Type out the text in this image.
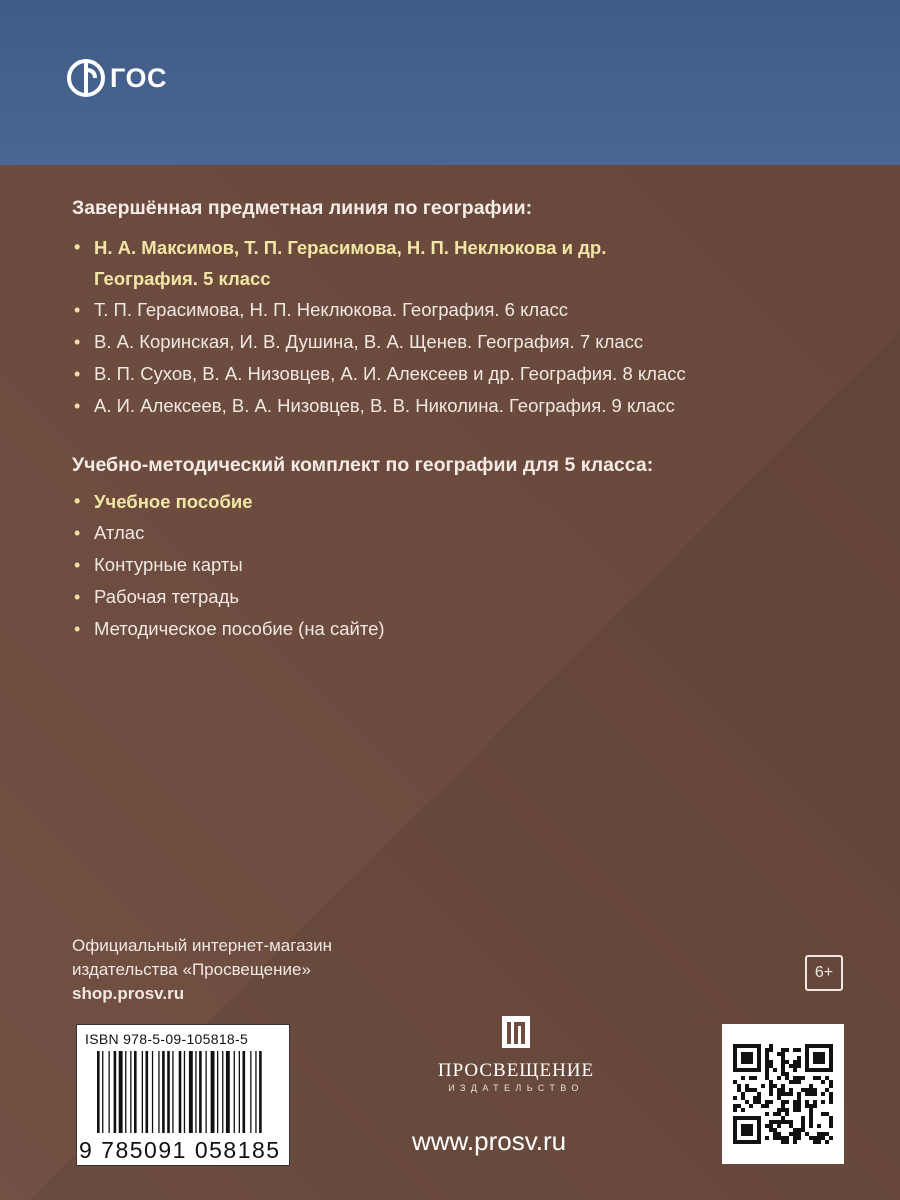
ГОС
Завершённая предметная линия по географии:
• Н. А. Максимов, Т. П. Герасимова, Н. П. Неклюкова и др.
География. 5 класс
• Т. П. Герасимова, Н. П. Неклюкова. География. 6 класс
• В. А. Коринская, И. В. Душина, В. А. Щенев. География. 7 класс
• В. П. Сухов, В. А. Низовцев, А. И. Алексеев и др. География. 8 класс
• А. И. Алексеев, В. А. Низовцев, В. В. Николина. География. 9 класс
Учебно-методический комплект по географии для 5 класса:
• Учебное пособие
• Атлас
• Контурные карты
• Рабочая тетрадь
• Методическое пособие (на сайте)
Официальный интернет-магазин
издательства «Просвещение»
shop.prosv.ru
6+
ISBN 978-5-09-105818-5
9 785091 058185
ПРОСВЕЩЕНИЕ
ИЗДАТЕЛЬСТВО
www.prosv.ru
